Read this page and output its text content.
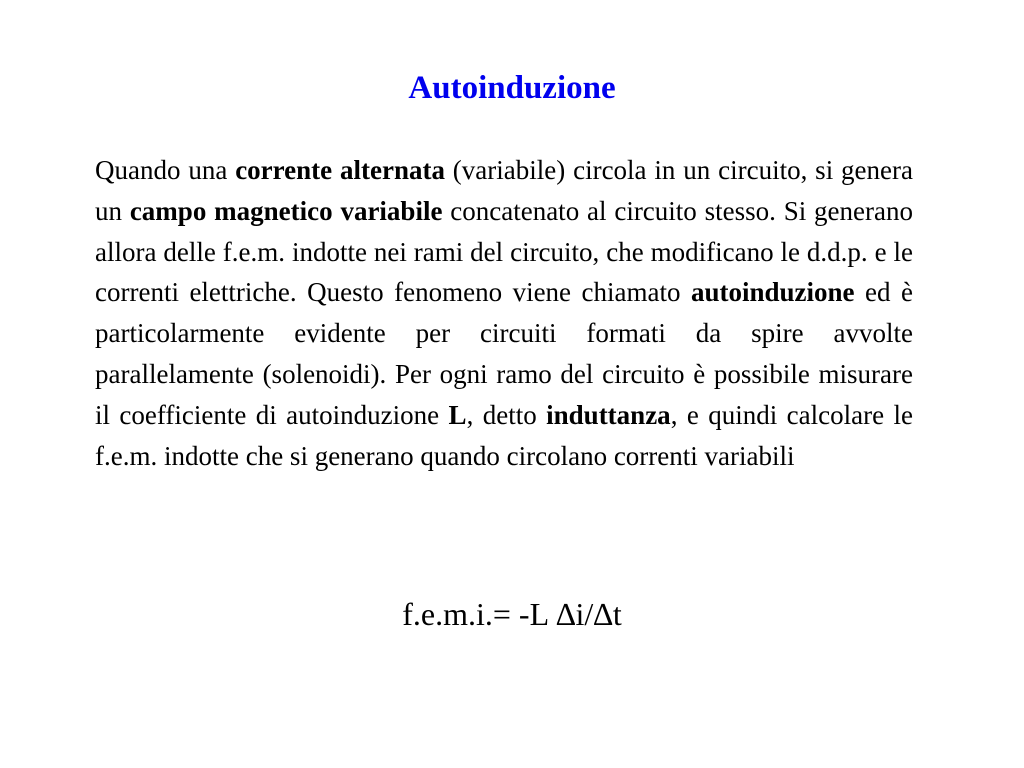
Autoinduzione

Quando una corrente alternata (variabile) circola in un circuito, si genera un campo magnetico variabile concatenato al circuito stesso. Si generano allora delle f.e.m. indotte nei rami del circuito, che modificano le d.d.p. e le correnti elettriche. Questo fenomeno viene chiamato autoinduzione ed è particolarmente evidente per circuiti formati da spire avvolte parallelamente (solenoidi). Per ogni ramo del circuito è possibile misurare il coefficiente di autoinduzione L, detto induttanza, e quindi calcolare le f.e.m. indotte che si generano quando circolano correnti variabili

f.e.m.i.= -L ∆i/∆t
